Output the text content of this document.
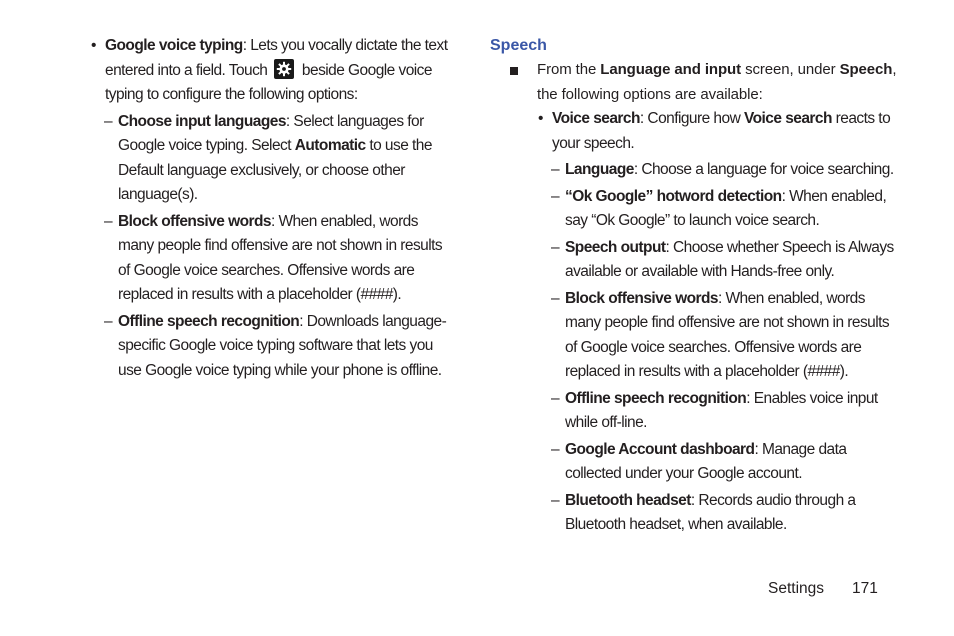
• Google voice typing: Lets you vocally dictate the text entered into a field. Touch beside Google voice typing to configure the following options:
– Choose input languages: Select languages for Google voice typing. Select Automatic to use the Default language exclusively, or choose other language(s).
– Block offensive words: When enabled, words many people find offensive are not shown in results of Google voice searches. Offensive words are replaced in results with a placeholder (####).
– Offline speech recognition: Downloads language-specific Google voice typing software that lets you use Google voice typing while your phone is offline.
Speech
From the Language and input screen, under Speech, the following options are available:
• Voice search: Configure how Voice search reacts to your speech.
– Language: Choose a language for voice searching.
– “Ok Google” hotword detection: When enabled, say “Ok Google” to launch voice search.
– Speech output: Choose whether Speech is Always available or available with Hands-free only.
– Block offensive words: When enabled, words many people find offensive are not shown in results of Google voice searches. Offensive words are replaced in results with a placeholder (####).
– Offline speech recognition: Enables voice input while off-line.
– Google Account dashboard: Manage data collected under your Google account.
– Bluetooth headset: Records audio through a Bluetooth headset, when available.
Settings 171
